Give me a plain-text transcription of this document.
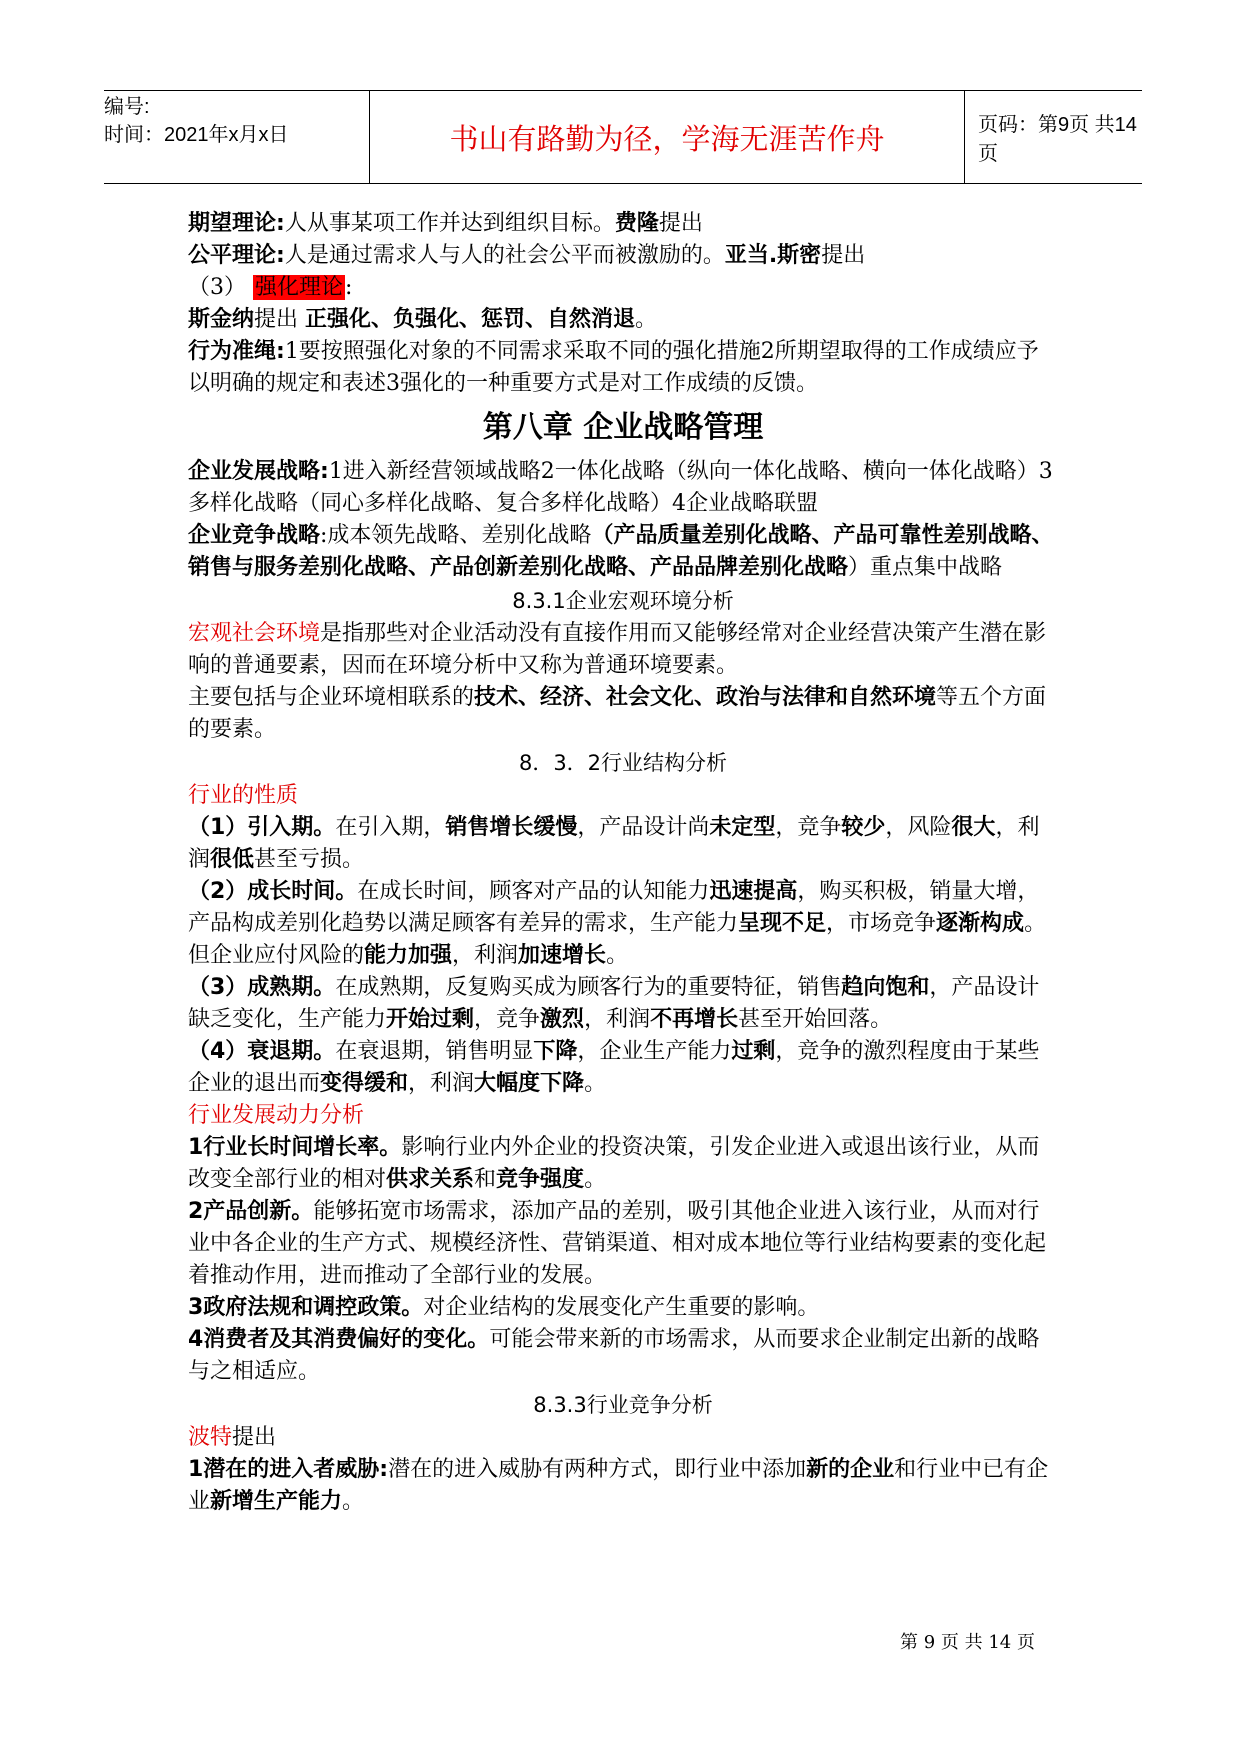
编号:
时间：2021年x月x日	书山有路勤为径，学海无涯苦作舟	页码：第9页 共14页

期望理论:人从事某项工作并达到组织目标。费隆提出

公平理论:人是通过需求人与人的社会公平而被激励的。亚当.斯密提出

（3） 强化理论:

斯金纳提出 正强化、负强化、惩罚、自然消退。

行为准绳:1要按照强化对象的不同需求采取不同的强化措施2所期望取得的工作成绩应予以明确的规定和表述3强化的一种重要方式是对工作成绩的反馈。

第八章 企业战略管理

企业发展战略:1进入新经营领域战略2一体化战略（纵向一体化战略、横向一体化战略）3多样化战略（同心多样化战略、复合多样化战略）4企业战略联盟

企业竞争战略:成本领先战略、差别化战略（产品质量差别化战略、产品可靠性差别战略、销售与服务差别化战略、产品创新差别化战略、产品品牌差别化战略）重点集中战略

8.3.1企业宏观环境分析

宏观社会环境是指那些对企业活动没有直接作用而又能够经常对企业经营决策产生潜在影响的普通要素，因而在环境分析中又称为普通环境要素。

主要包括与企业环境相联系的技术、经济、社会文化、政治与法律和自然环境等五个方面的要素。

8．3．2行业结构分析

行业的性质

（1）引入期。在引入期，销售增长缓慢，产品设计尚未定型，竞争较少，风险很大，利润很低甚至亏损。

（2）成长时间。在成长时间，顾客对产品的认知能力迅速提高，购买积极，销量大增，产品构成差别化趋势以满足顾客有差异的需求，生产能力呈现不足，市场竞争逐渐构成。但企业应付风险的能力加强，利润加速增长。

（3）成熟期。在成熟期，反复购买成为顾客行为的重要特征，销售趋向饱和，产品设计缺乏变化，生产能力开始过剩，竞争激烈，利润不再增长甚至开始回落。

（4）衰退期。在衰退期，销售明显下降，企业生产能力过剩，竞争的激烈程度由于某些企业的退出而变得缓和，利润大幅度下降。

行业发展动力分析

1行业长时间增长率。影响行业内外企业的投资决策，引发企业进入或退出该行业，从而改变全部行业的相对供求关系和竞争强度。

2产品创新。能够拓宽市场需求，添加产品的差别，吸引其他企业进入该行业，从而对行业中各企业的生产方式、规模经济性、营销渠道、相对成本地位等行业结构要素的变化起着推动作用，进而推动了全部行业的发展。

3政府法规和调控政策。对企业结构的发展变化产生重要的影响。

4消费者及其消费偏好的变化。可能会带来新的市场需求，从而要求企业制定出新的战略与之相适应。

8.3.3行业竞争分析

波特提出

1潜在的进入者威胁:潜在的进入威胁有两种方式，即行业中添加新的企业和行业中已有企业新增生产能力。

第 9 页 共 14 页
